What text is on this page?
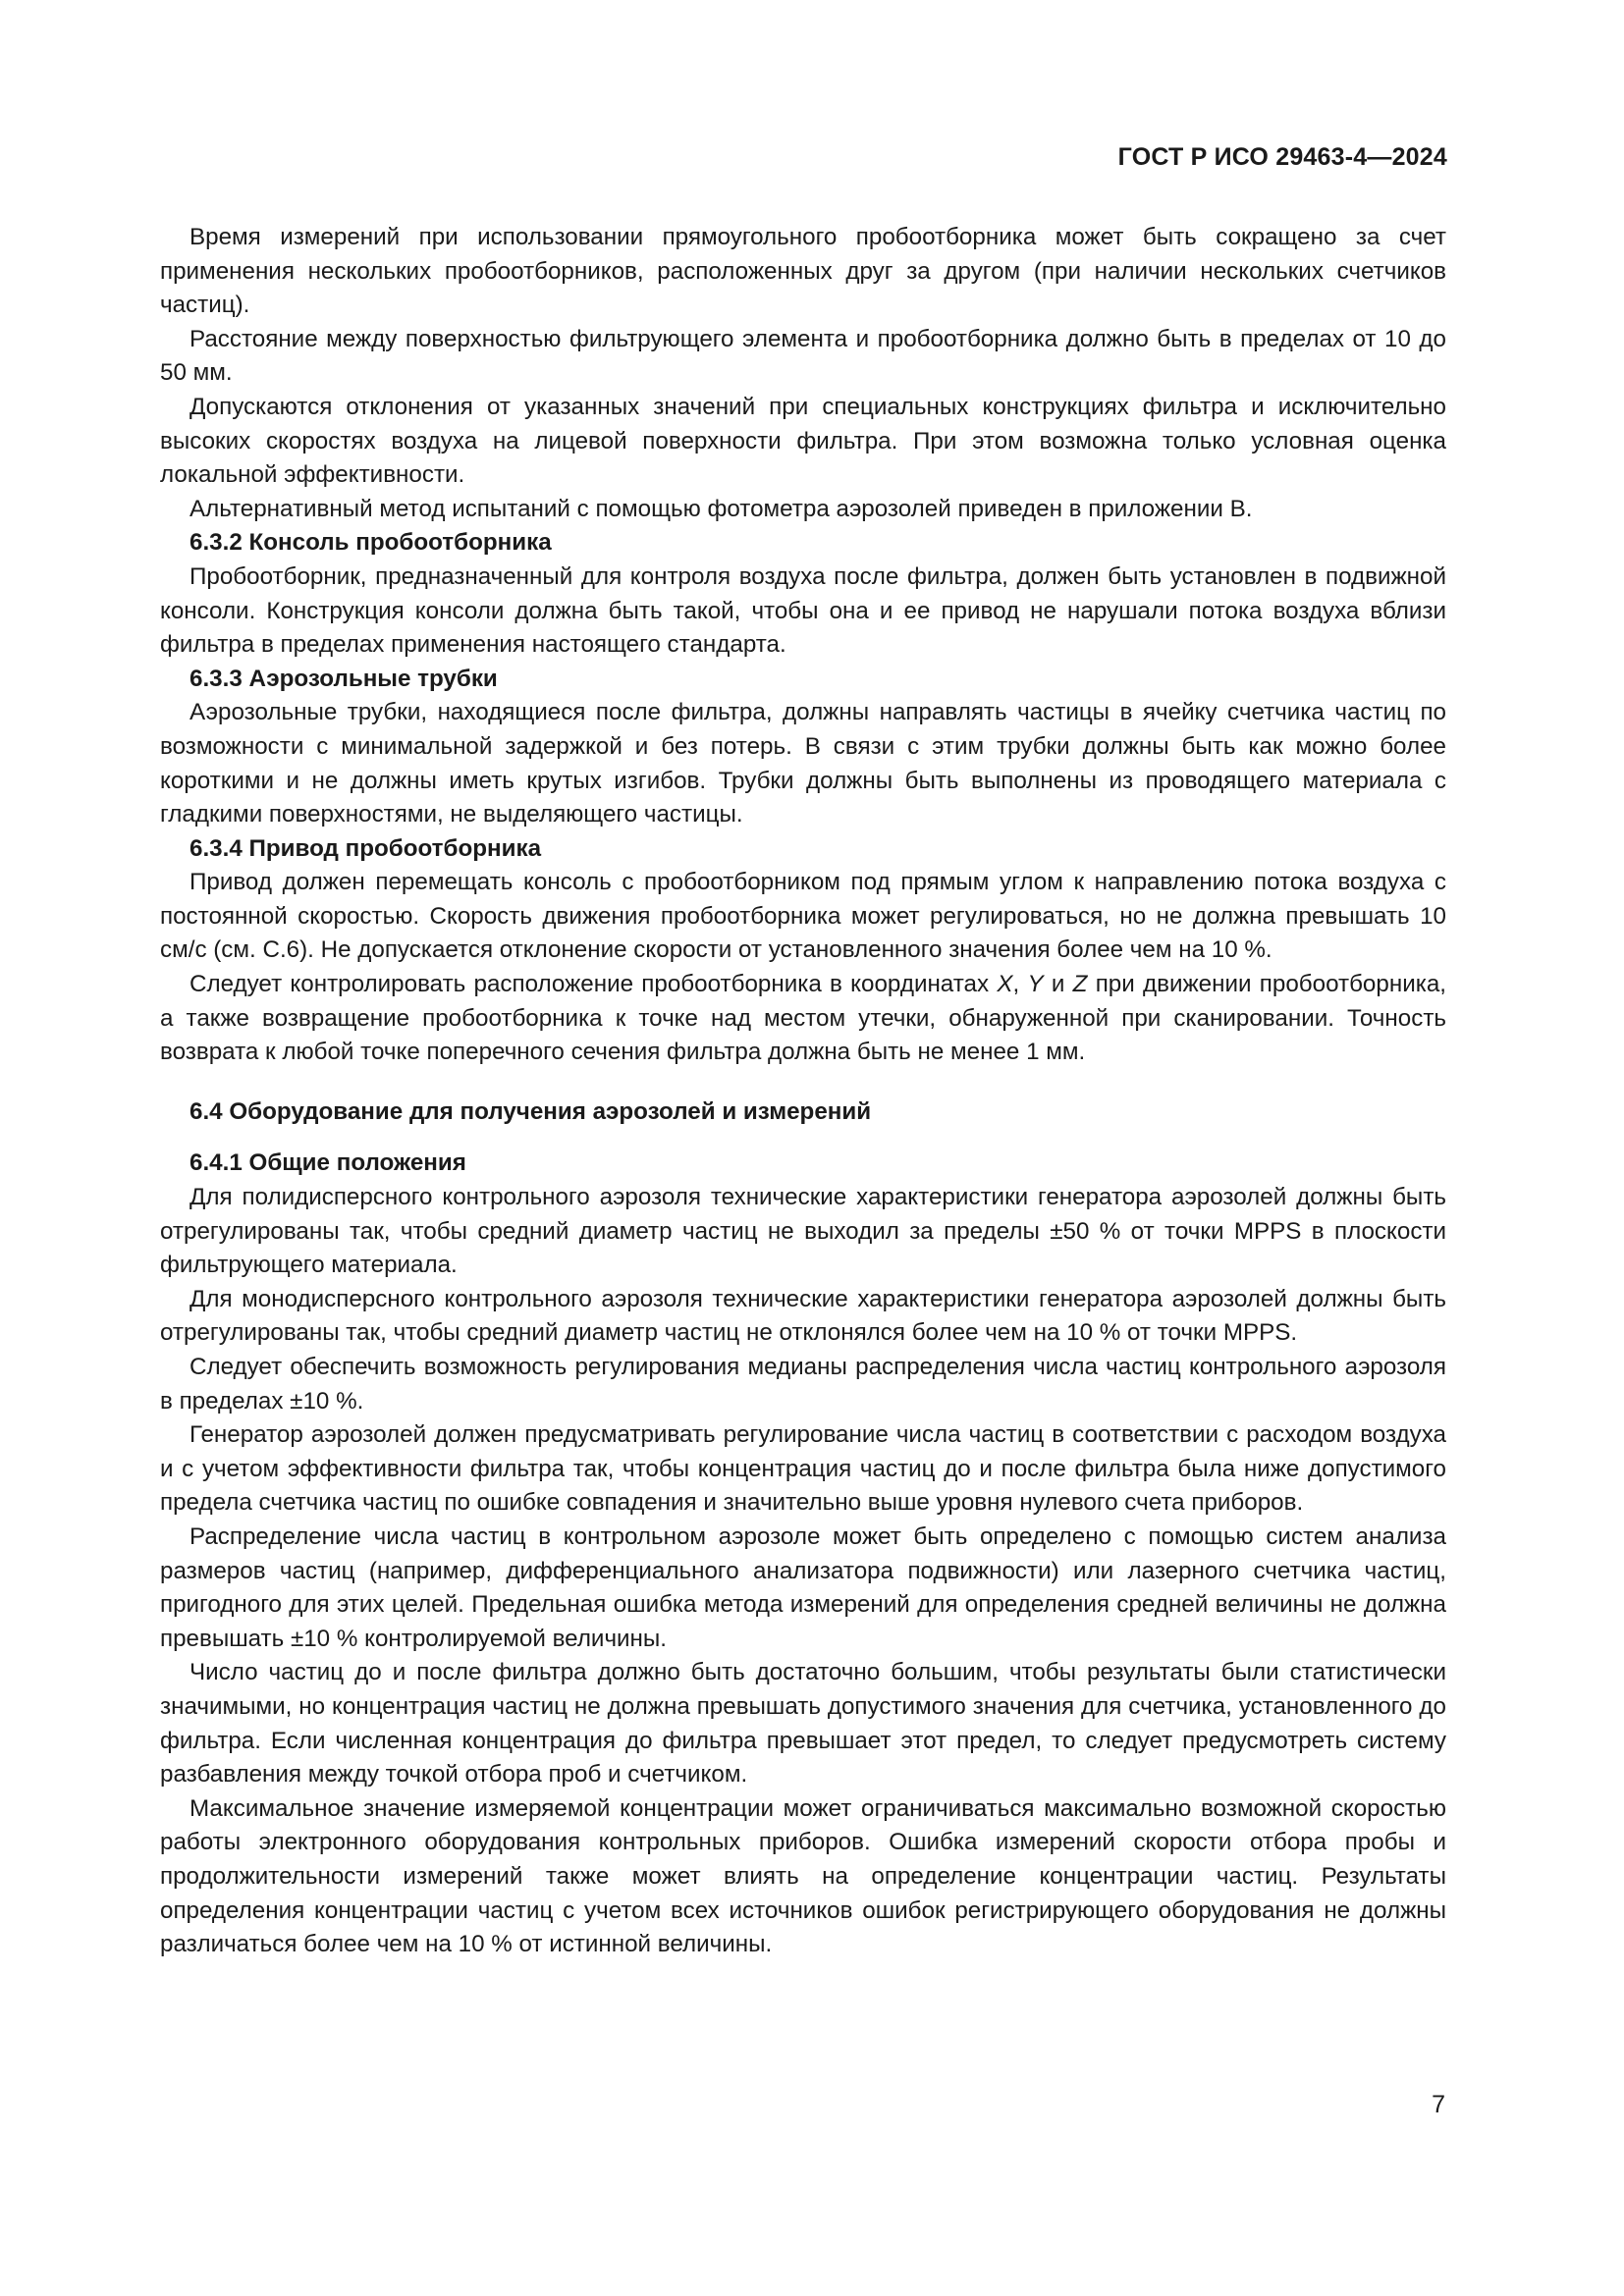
ГОСТ Р ИСО 29463-4—2024

Время измерений при использовании прямоугольного пробоотборника может быть сокращено за счет применения нескольких пробоотборников, расположенных друг за другом (при наличии нескольких счетчиков частиц).

Расстояние между поверхностью фильтрующего элемента и пробоотборника должно быть в пределах от 10 до 50 мм.

Допускаются отклонения от указанных значений при специальных конструкциях фильтра и исключительно высоких скоростях воздуха на лицевой поверхности фильтра. При этом возможна только условная оценка локальной эффективности.

Альтернативный метод испытаний с помощью фотометра аэрозолей приведен в приложении В.

6.3.2 Консоль пробоотборника

Пробоотборник, предназначенный для контроля воздуха после фильтра, должен быть установлен в подвижной консоли. Конструкция консоли должна быть такой, чтобы она и ее привод не нарушали потока воздуха вблизи фильтра в пределах применения настоящего стандарта.

6.3.3 Аэрозольные трубки

Аэрозольные трубки, находящиеся после фильтра, должны направлять частицы в ячейку счетчика частиц по возможности с минимальной задержкой и без потерь. В связи с этим трубки должны быть как можно более короткими и не должны иметь крутых изгибов. Трубки должны быть выполнены из проводящего материала с гладкими поверхностями, не выделяющего частицы.

6.3.4 Привод пробоотборника

Привод должен перемещать консоль с пробоотборником под прямым углом к направлению потока воздуха с постоянной скоростью. Скорость движения пробоотборника может регулироваться, но не должна превышать 10 см/с (см. С.6). Не допускается отклонение скорости от установленного значения более чем на 10 %.

Следует контролировать расположение пробоотборника в координатах X, Y и Z при движении пробоотборника, а также возвращение пробоотборника к точке над местом утечки, обнаруженной при сканировании. Точность возврата к любой точке поперечного сечения фильтра должна быть не менее 1 мм.

6.4 Оборудование для получения аэрозолей и измерений
6.4.1 Общие положения

Для полидисперсного контрольного аэрозоля технические характеристики генератора аэрозолей должны быть отрегулированы так, чтобы средний диаметр частиц не выходил за пределы ±50 % от точки MPPS в плоскости фильтрующего материала.

Для монодисперсного контрольного аэрозоля технические характеристики генератора аэрозолей должны быть отрегулированы так, чтобы средний диаметр частиц не отклонялся более чем на 10 % от точки MPPS.

Следует обеспечить возможность регулирования медианы распределения числа частиц контрольного аэрозоля в пределах ±10 %.

Генератор аэрозолей должен предусматривать регулирование числа частиц в соответствии с расходом воздуха и с учетом эффективности фильтра так, чтобы концентрация частиц до и после фильтра была ниже допустимого предела счетчика частиц по ошибке совпадения и значительно выше уровня нулевого счета приборов.

Распределение числа частиц в контрольном аэрозоле может быть определено с помощью систем анализа размеров частиц (например, дифференциального анализатора подвижности) или лазерного счетчика частиц, пригодного для этих целей. Предельная ошибка метода измерений для определения средней величины не должна превышать ±10 % контролируемой величины.

Число частиц до и после фильтра должно быть достаточно большим, чтобы результаты были статистически значимыми, но концентрация частиц не должна превышать допустимого значения для счетчика, установленного до фильтра. Если численная концентрация до фильтра превышает этот предел, то следует предусмотреть систему разбавления между точкой отбора проб и счетчиком.

Максимальное значение измеряемой концентрации может ограничиваться максимально возможной скоростью работы электронного оборудования контрольных приборов. Ошибка измерений скорости отбора пробы и продолжительности измерений также может влиять на определение концентрации частиц. Результаты определения концентрации частиц с учетом всех источников ошибок регистрирующего оборудования не должны различаться более чем на 10 % от истинной величины.

7
